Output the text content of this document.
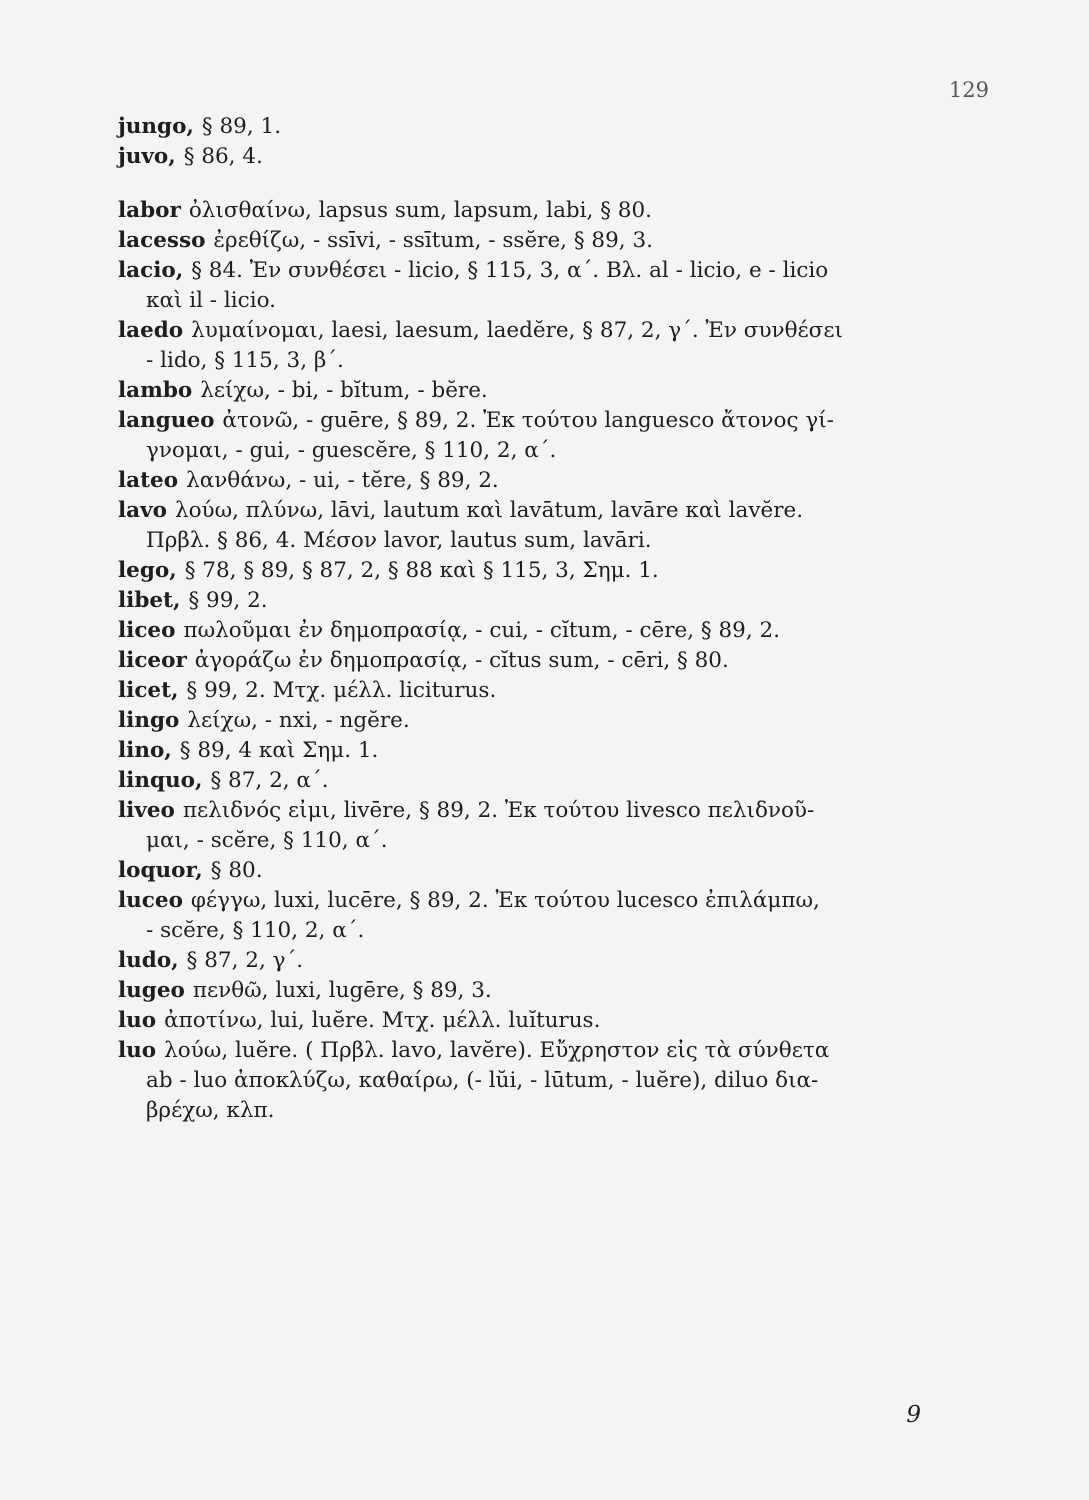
129
jungo, § 89, 1.
juvo, § 86, 4.
labor ὀλισθαίνω, lapsus sum, lapsum, labi, § 80.
lacesso ἐρεθίζω, - ssīvi, - ssītum, - ssĕre, § 89, 3.
lacio, § 84. Ἐν συνθέσει - licio, § 115, 3, α΄. Βλ. al - licio, e - licio
καὶ il - licio.
laedo λυμαίνομαι, laesi, laesum, laedĕre, § 87, 2, γ΄. Ἐν συνθέσει
- lido, § 115, 3, β΄.
lambo λείχω, - bi, - bĭtum, - bĕre.
langueo ἀτονῶ, - guēre, § 89, 2. Ἐκ τούτου languesco ἄτονος γί-
γνομαι, - gui, - guescĕre, § 110, 2, α΄.
lateo λανθάνω, - ui, - tĕre, § 89, 2.
lavo λούω, πλύνω, lāvi, lautum καὶ lavātum, lavāre καὶ lavĕre.
Πρβλ. § 86, 4. Μέσον lavor, lautus sum, lavāri.
lego, § 78, § 89, § 87, 2, § 88 καὶ § 115, 3, Σημ. 1.
libet, § 99, 2.
liceo πωλοῦμαι ἐν δημοπρασίᾳ, - cui, - cĭtum, - cēre, § 89, 2.
liceor ἀγοράζω ἐν δημοπρασίᾳ, - cĭtus sum, - cēri, § 80.
licet, § 99, 2. Μτχ. μέλλ. liciturus.
lingo λείχω, - nxi, - ngĕre.
lino, § 89, 4 καὶ Σημ. 1.
linquo, § 87, 2, α΄.
liveo πελιδνός εἰμι, livēre, § 89, 2. Ἐκ τούτου livesco πελιδνοῦ-
μαι, - scĕre, § 110, α΄.
loquor, § 80.
luceo φέγγω, luxi, lucēre, § 89, 2. Ἐκ τούτου lucesco ἐπιλάμπω,
- scĕre, § 110, 2, α΄.
ludo, § 87, 2, γ΄.
lugeo πενθῶ, luxi, lugēre, § 89, 3.
luo ἀποτίνω, lui, luĕre. Μτχ. μέλλ. luĭturus.
luo λούω, luĕre. ( Πρβλ. lavo, lavĕre). Εὔχρηστον εἰς τὰ σύνθετα
ab - luo ἀποκλύζω, καθαίρω, (- lŭi, - lūtum, - luĕre), diluo δια-
βρέχω, κλπ.
9
